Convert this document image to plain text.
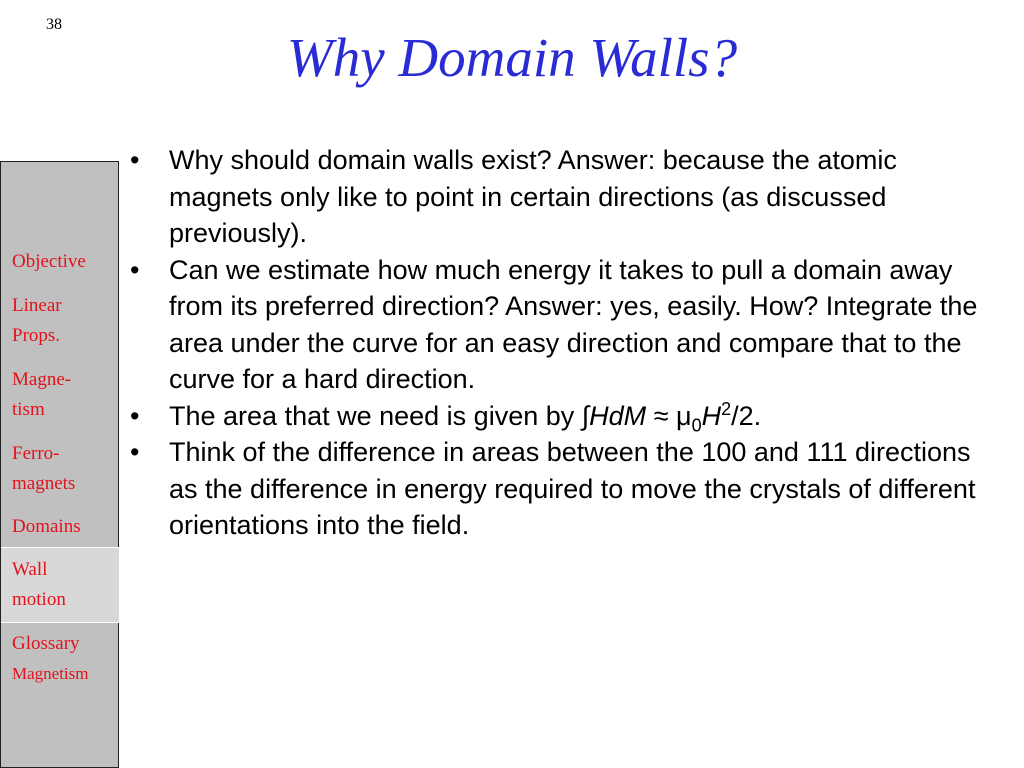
38
Why Domain Walls?
Objective
Linear
Props.
Magne-
tism
Ferro-
magnets
Domains
Wall
motion
Glossary
Magnetism
• Why should domain walls exist? Answer: because the atomic magnets only like to point in certain directions (as discussed previously).
• Can we estimate how much energy it takes to pull a domain away from its preferred direction? Answer: yes, easily. How? Integrate the area under the curve for an easy direction and compare that to the curve for a hard direction.
• The area that we need is given by $\int HdM \approx \mu_0H^2/2$.
• Think of the difference in areas between the 100 and 111 directions as the difference in energy required to move the crystals of different orientations into the field.
